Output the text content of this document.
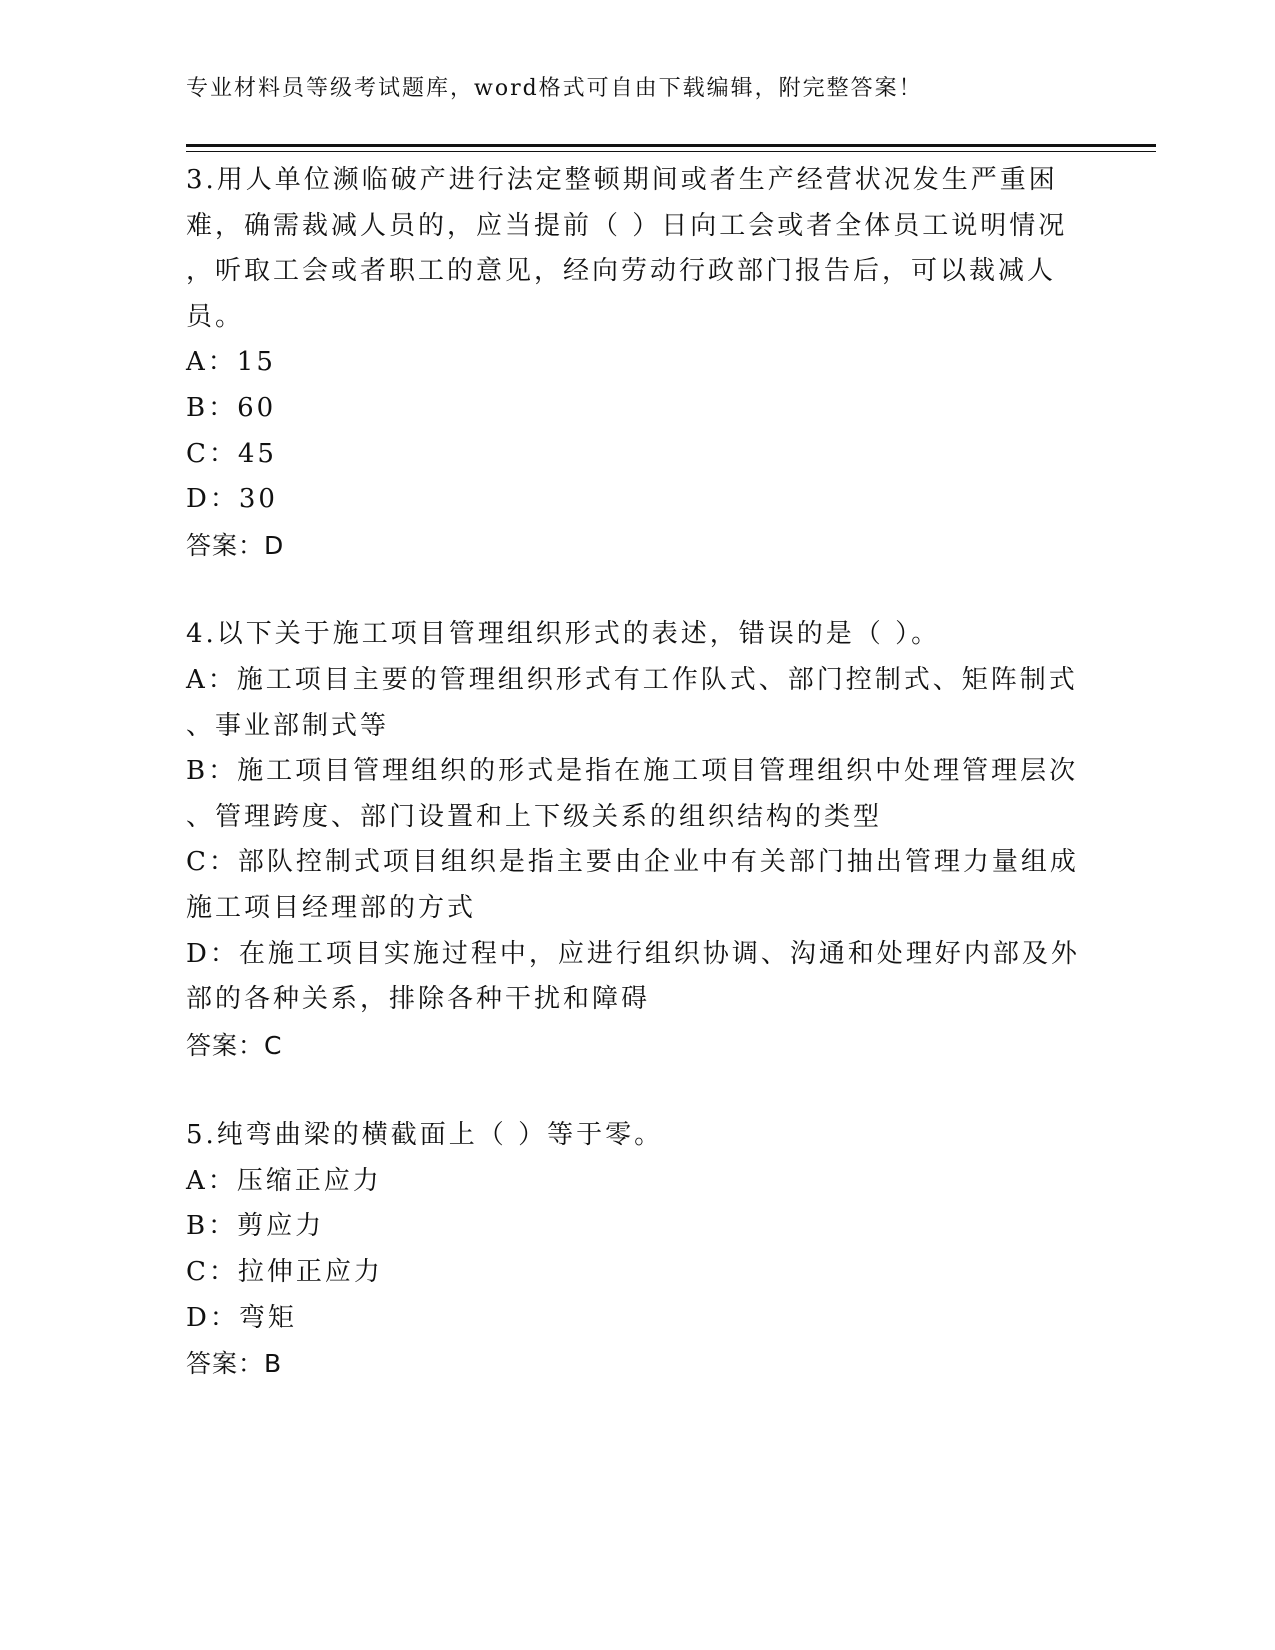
专业材料员等级考试题库，word格式可自由下载编辑，附完整答案！
3.用人单位濒临破产进行法定整顿期间或者生产经营状况发生严重困
难，确需裁减人员的，应当提前（ ）日向工会或者全体员工说明情况
，听取工会或者职工的意见，经向劳动行政部门报告后，可以裁减人
员。
A：15
B：60
C：45
D：30
答案：D
4.以下关于施工项目管理组织形式的表述，错误的是（ ）。
A：施工项目主要的管理组织形式有工作队式、部门控制式、矩阵制式
、事业部制式等
B：施工项目管理组织的形式是指在施工项目管理组织中处理管理层次
、管理跨度、部门设置和上下级关系的组织结构的类型
C：部队控制式项目组织是指主要由企业中有关部门抽出管理力量组成
施工项目经理部的方式
D：在施工项目实施过程中，应进行组织协调、沟通和处理好内部及外
部的各种关系，排除各种干扰和障碍
答案：C
5.纯弯曲梁的横截面上（ ）等于零。
A：压缩正应力
B：剪应力
C：拉伸正应力
D：弯矩
答案：B
